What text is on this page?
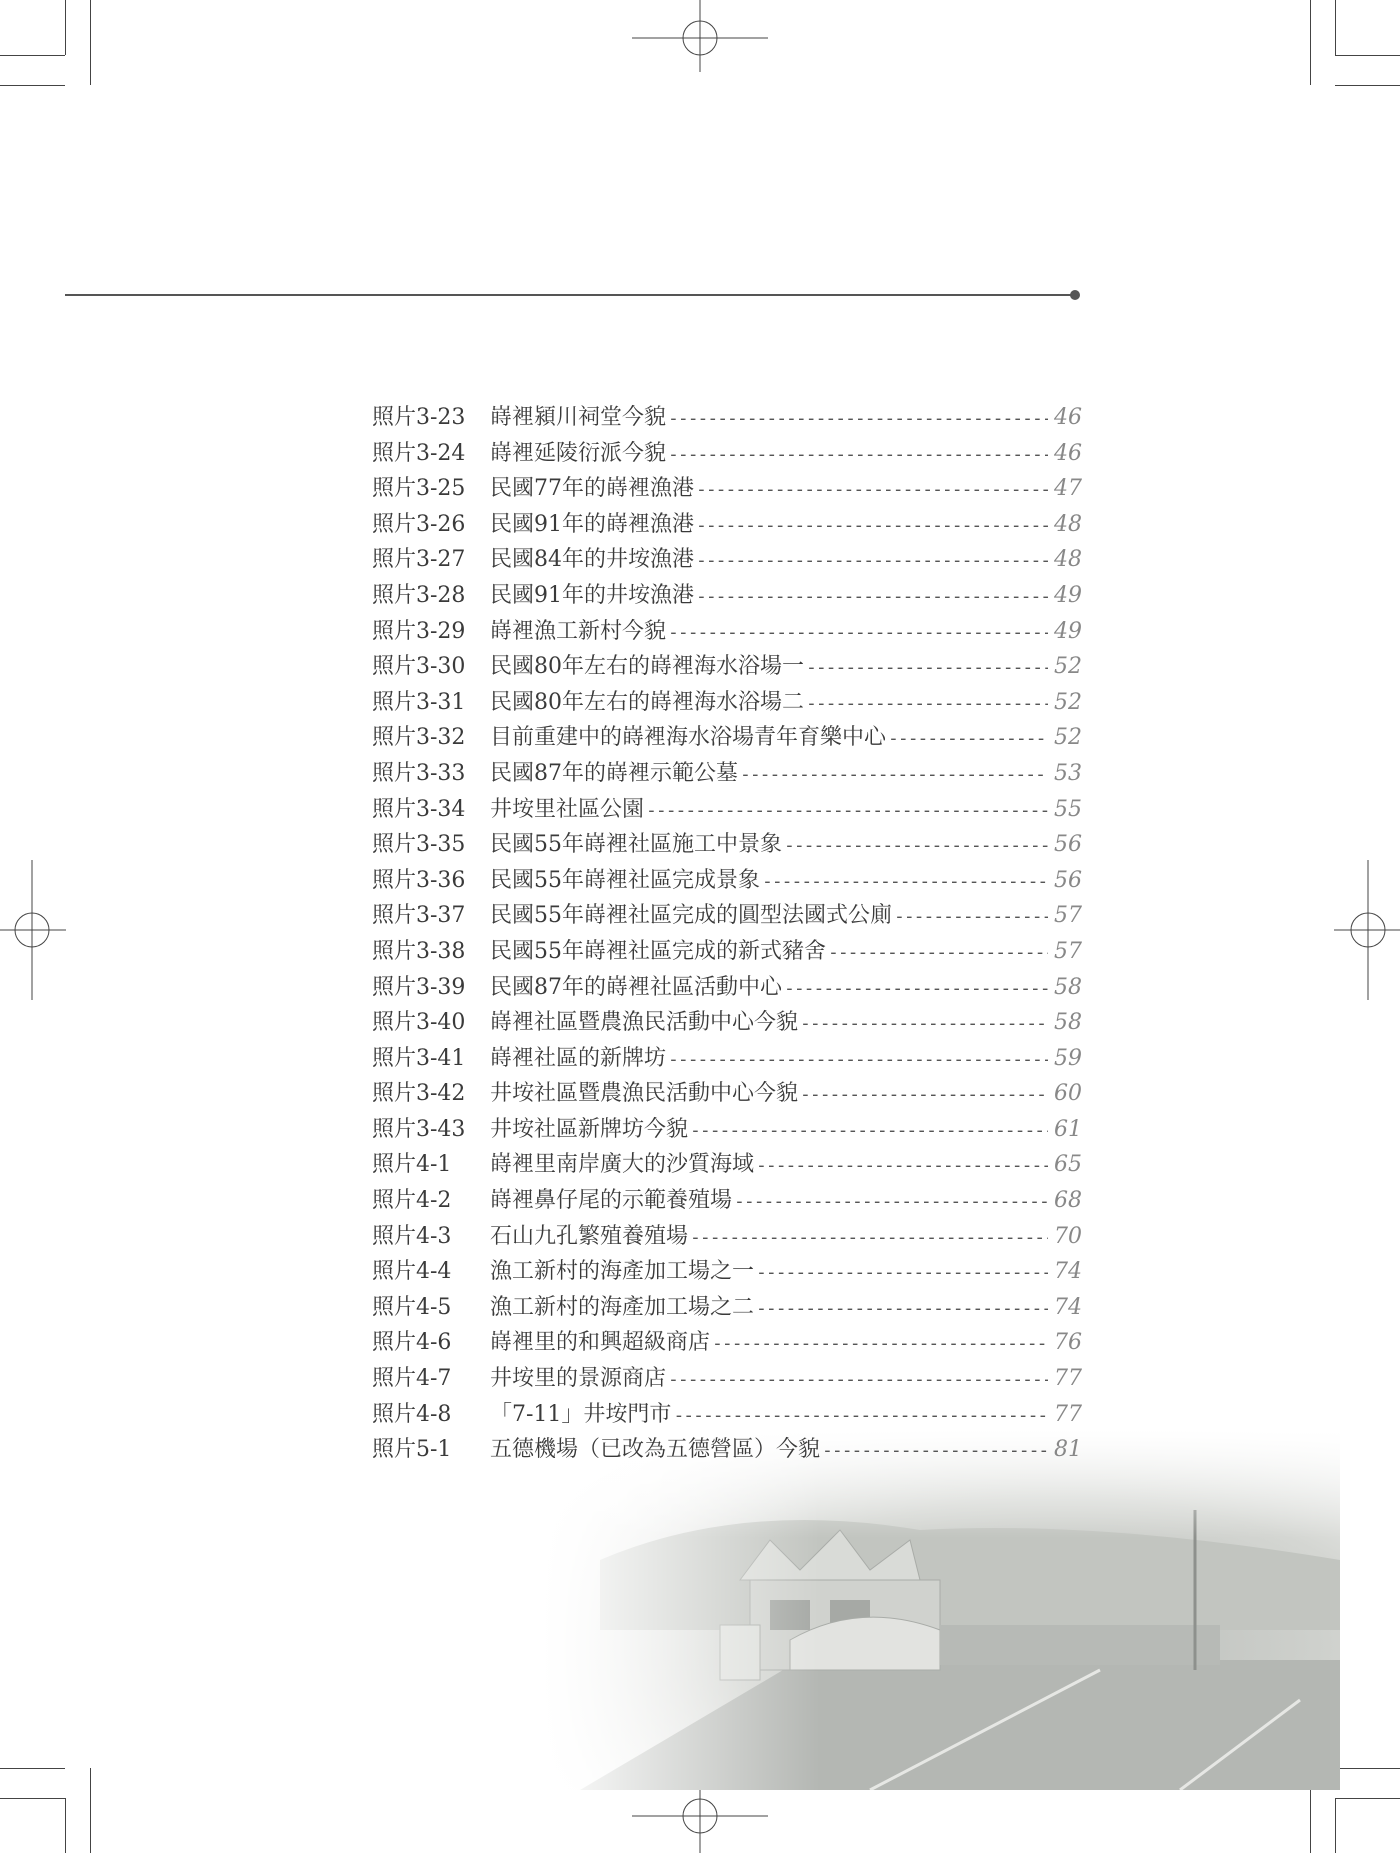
照片3-23	嵵裡潁川祠堂今貌 -----	46
照片3-24	嵵裡延陵衍派今貌 -----	46
照片3-25	民國77年的嵵裡漁港 -----	47
照片3-26	民國91年的嵵裡漁港 -----	48
照片3-27	民國84年的井垵漁港 -----	48
照片3-28	民國91年的井垵漁港 -----	49
照片3-29	嵵裡漁工新村今貌 -----	49
照片3-30	民國80年左右的嵵裡海水浴場一 -----	52
照片3-31	民國80年左右的嵵裡海水浴場二 -----	52
照片3-32	目前重建中的嵵裡海水浴場青年育樂中心 -----	52
照片3-33	民國87年的嵵裡示範公墓 -----	53
照片3-34	井垵里社區公園 -----	55
照片3-35	民國55年嵵裡社區施工中景象 -----	56
照片3-36	民國55年嵵裡社區完成景象 -----	56
照片3-37	民國55年嵵裡社區完成的圓型法國式公廁 -----	57
照片3-38	民國55年嵵裡社區完成的新式豬舍 -----	57
照片3-39	民國87年的嵵裡社區活動中心 -----	58
照片3-40	嵵裡社區暨農漁民活動中心今貌 -----	58
照片3-41	嵵裡社區的新牌坊 -----	59
照片3-42	井垵社區暨農漁民活動中心今貌 -----	60
照片3-43	井垵社區新牌坊今貌 -----	61
照片4-1	嵵裡里南岸廣大的沙質海域 -----	65
照片4-2	嵵裡鼻仔尾的示範養殖場 -----	68
照片4-3	石山九孔繁殖養殖場 -----	70
照片4-4	漁工新村的海產加工場之一 -----	74
照片4-5	漁工新村的海產加工場之二 -----	74
照片4-6	嵵裡里的和興超級商店 -----	76
照片4-7	井垵里的景源商店 -----	77
照片4-8	「7-11」井垵門市 -----	77
照片5-1	五德機場（已改為五德營區）今貌 -----	81
